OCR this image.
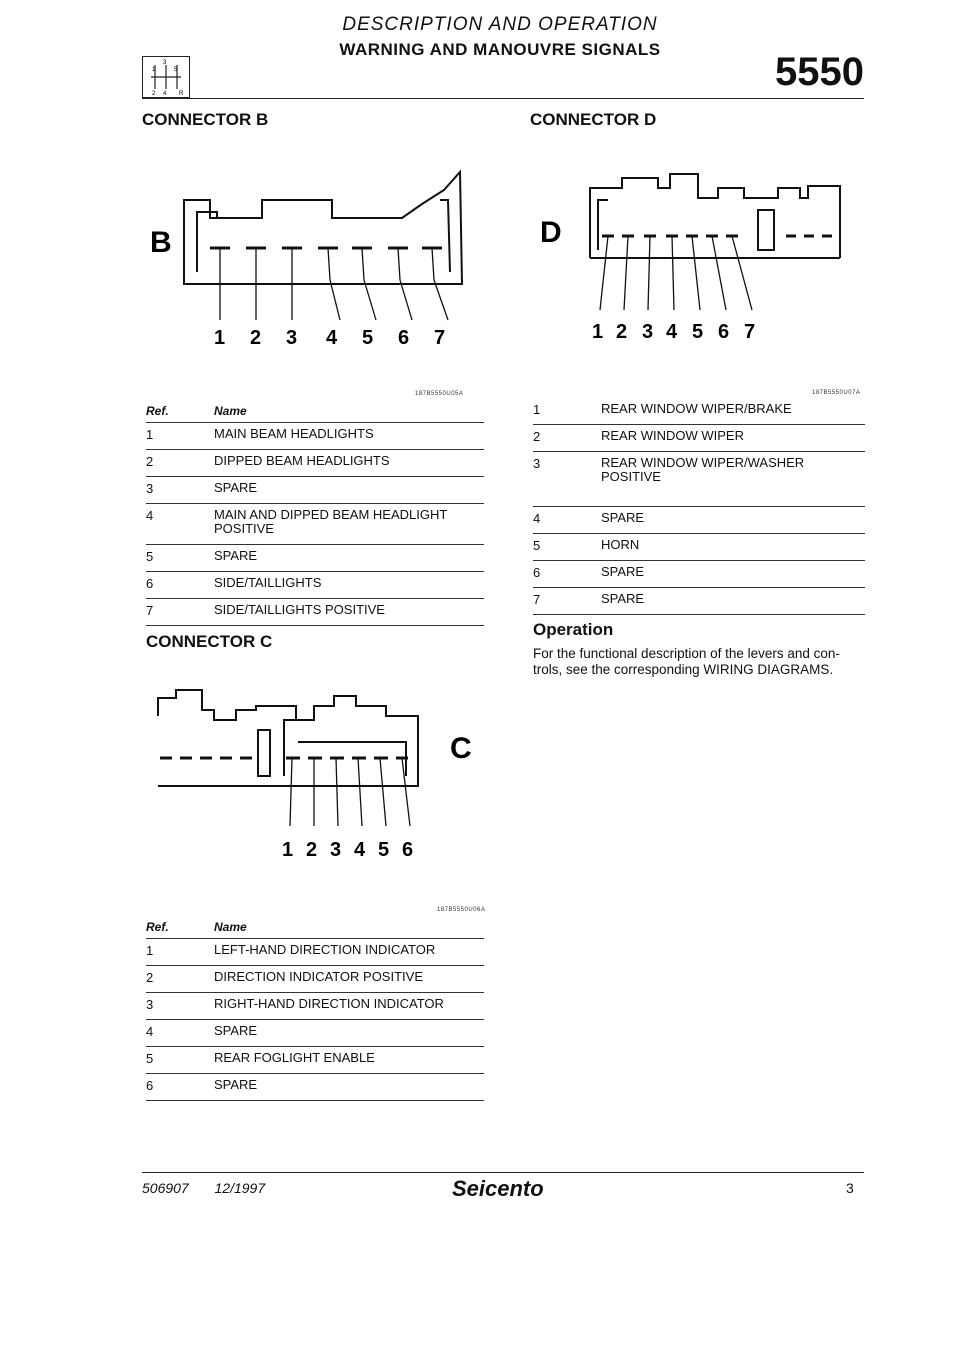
DESCRIPTION AND OPERATION
WARNING AND MANOUVRE SIGNALS
5550
1
3
5
2 4 R
CONNECTOR B
B
1 2 3 4 5 6 7
187B5550U05A
Ref.	Name
1	MAIN BEAM HEADLIGHTS
2	DIPPED BEAM HEADLIGHTS
3	SPARE
4	MAIN AND DIPPED BEAM HEADLIGHT
POSITIVE
5	SPARE
6	SIDE/TAILLIGHTS
7	SIDE/TAILLIGHTS POSITIVE
CONNECTOR C
C
1 2 3 4 5 6
187B5550U06A
Ref.	Name
1	LEFT-HAND DIRECTION INDICATOR
2	DIRECTION INDICATOR POSITIVE
3	RIGHT-HAND DIRECTION INDICATOR
4	SPARE
5	REAR FOGLIGHT ENABLE
6	SPARE
CONNECTOR D
D
1 2 3 4 5 6 7
187B5550U07A
1	REAR WINDOW WIPER/BRAKE
2	REAR WINDOW WIPER
3	REAR WINDOW WIPER/WASHER
POSITIVE
4	SPARE
5	HORN
6	SPARE
7	SPARE
Operation
For the functional description of the levers and con-
trols, see the corresponding WIRING DIAGRAMS.
506907 12/1997	Seicento	3
